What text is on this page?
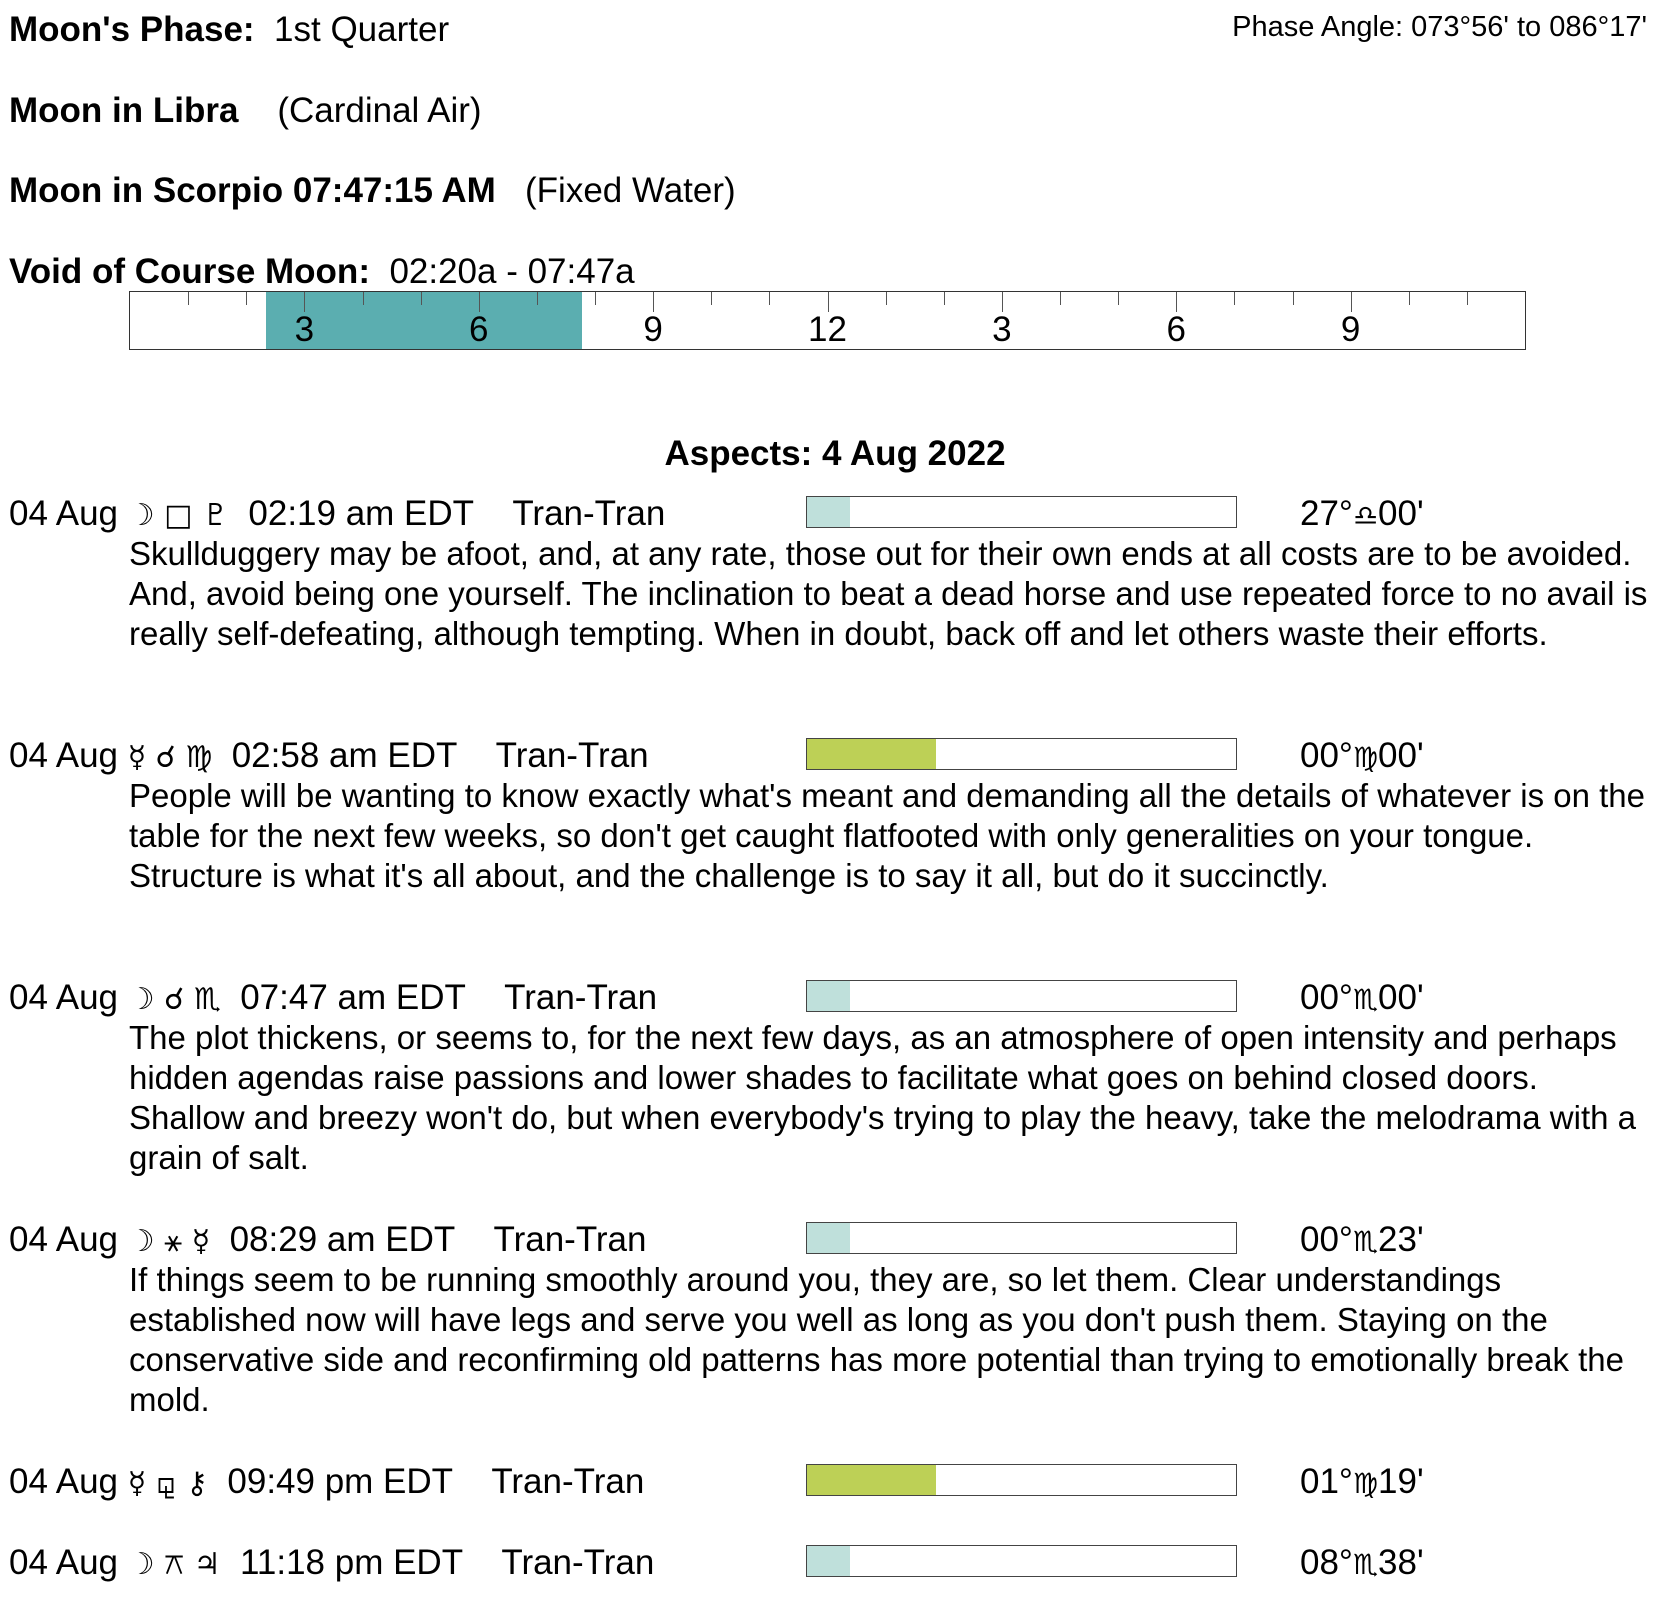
Moon's Phase: 1st Quarter	Phase Angle: 073°56' to 086°17'
Moon in Libra (Cardinal Air)
Moon in Scorpio 07:47:15 AM (Fixed Water)
Void of Course Moon: 02:20a - 07:47a
3	6	9	12	3	6	9
Aspects: 4 Aug 2022
04 Aug ☽ □ ♇ 02:19 am EDT Tran-Tran	27°♎00'
Skullduggery may be afoot, and, at any rate, those out for their own ends at all costs are to be avoided. And, avoid being one yourself. The inclination to beat a dead horse and use repeated force to no avail is really self-defeating, although tempting. When in doubt, back off and let others waste their efforts.
04 Aug ☿ ☌ ♍ 02:58 am EDT Tran-Tran	00°♍00'
People will be wanting to know exactly what's meant and demanding all the details of whatever is on the table for the next few weeks, so don't get caught flatfooted with only generalities on your tongue. Structure is what it's all about, and the challenge is to say it all, but do it succinctly.
04 Aug ☽ ☌ ♏ 07:47 am EDT Tran-Tran	00°♏00'
The plot thickens, or seems to, for the next few days, as an atmosphere of open intensity and perhaps hidden agendas raise passions and lower shades to facilitate what goes on behind closed doors. Shallow and breezy won't do, but when everybody's trying to play the heavy, take the melodrama with a grain of salt.
04 Aug ☽ ⚹ ☿ 08:29 am EDT Tran-Tran	00°♏23'
If things seem to be running smoothly around you, they are, so let them. Clear understandings established now will have legs and serve you well as long as you don't push them. Staying on the conservative side and reconfirming old patterns has more potential than trying to emotionally break the mold.
04 Aug ☿ ⚼ ⚷ 09:49 pm EDT Tran-Tran	01°♍19'
04 Aug ☽ ⚻ ♃ 11:18 pm EDT Tran-Tran	08°♏38'
